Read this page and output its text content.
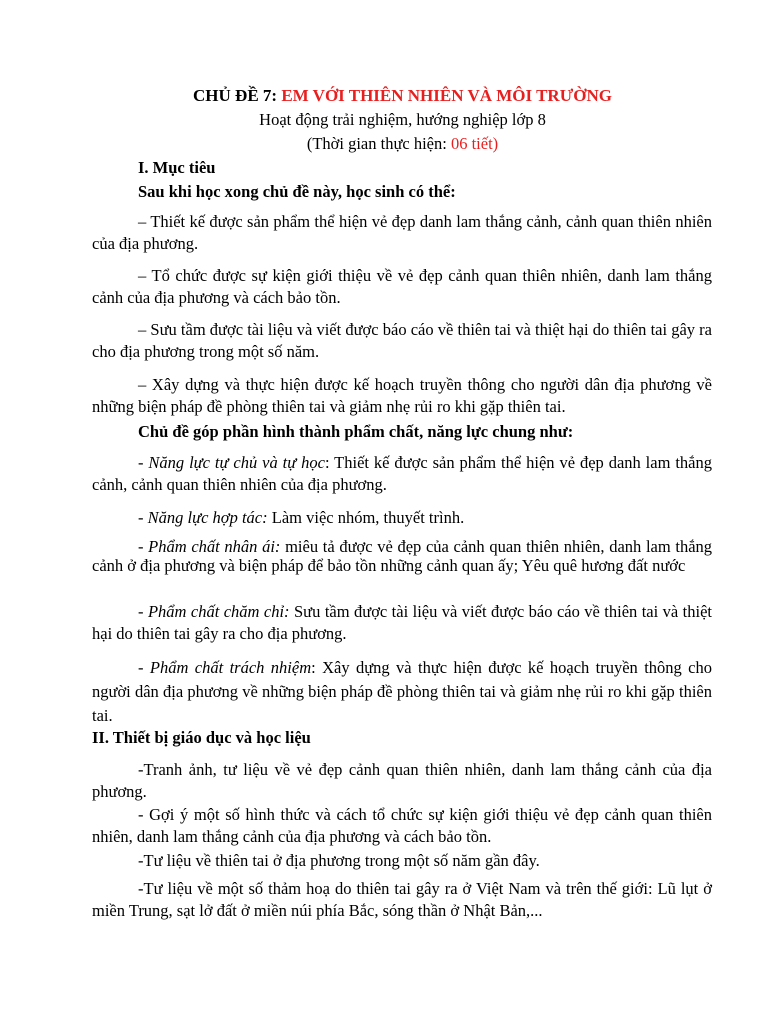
CHỦ ĐỀ 7: EM VỚI THIÊN NHIÊN VÀ MÔI TRƯỜNG
Hoạt động trải nghiệm, hướng nghiệp lớp 8
(Thời gian thực hiện: 06 tiết)
I. Mục tiêu
Sau khi học xong chủ đề này, học sinh có thể:
– Thiết kế được sản phẩm thể hiện vẻ đẹp danh lam thắng cảnh, cảnh quan thiên nhiên của địa phương.
– Tổ chức được sự kiện giới thiệu về vẻ đẹp cảnh quan thiên nhiên, danh lam thắng cảnh của địa phương và cách bảo tồn.
– Sưu tầm được tài liệu và viết được báo cáo về thiên tai và thiệt hại do thiên tai gây ra cho địa phương trong một số năm.
– Xây dựng và thực hiện được kế hoạch truyền thông cho người dân địa phương về những biện pháp đề phòng thiên tai và giảm nhẹ rủi ro khi gặp thiên tai.
Chủ đề góp phần hình thành phẩm chất, năng lực chung như:
- Năng lực tự chủ và tự học: Thiết kế được sản phẩm thể hiện vẻ đẹp danh lam thắng cảnh, cảnh quan thiên nhiên của địa phương.
- Năng lực hợp tác: Làm việc nhóm, thuyết trình.
- Phẩm chất nhân ái: miêu tả được vẻ đẹp của cảnh quan thiên nhiên, danh lam thắng cảnh ở địa phương và biện pháp để bảo tồn những cảnh quan ấy; Yêu quê hương đất nước
- Phẩm chất chăm chỉ: Sưu tầm được tài liệu và viết được báo cáo về thiên tai và thiệt hại do thiên tai gây ra cho địa phương.
- Phẩm chất trách nhiệm: Xây dựng và thực hiện được kế hoạch truyền thông cho người dân địa phương về những biện pháp đề phòng thiên tai và giảm nhẹ rủi ro khi gặp thiên tai.
II. Thiết bị giáo dục và học liệu
-Tranh ảnh, tư liệu về vẻ đẹp cảnh quan thiên nhiên, danh lam thắng cảnh của địa phương.
- Gợi ý một số hình thức và cách tổ chức sự kiện giới thiệu vẻ đẹp cảnh quan thiên nhiên, danh lam thắng cảnh của địa phương và cách bảo tồn.
-Tư liệu về thiên tai ở địa phương trong một số năm gần đây.
-Tư liệu về một số thảm hoạ do thiên tai gây ra ở Việt Nam và trên thế giới: Lũ lụt ở miền Trung, sạt lở đất ở miền núi phía Bắc, sóng thần ở Nhật Bản,...
